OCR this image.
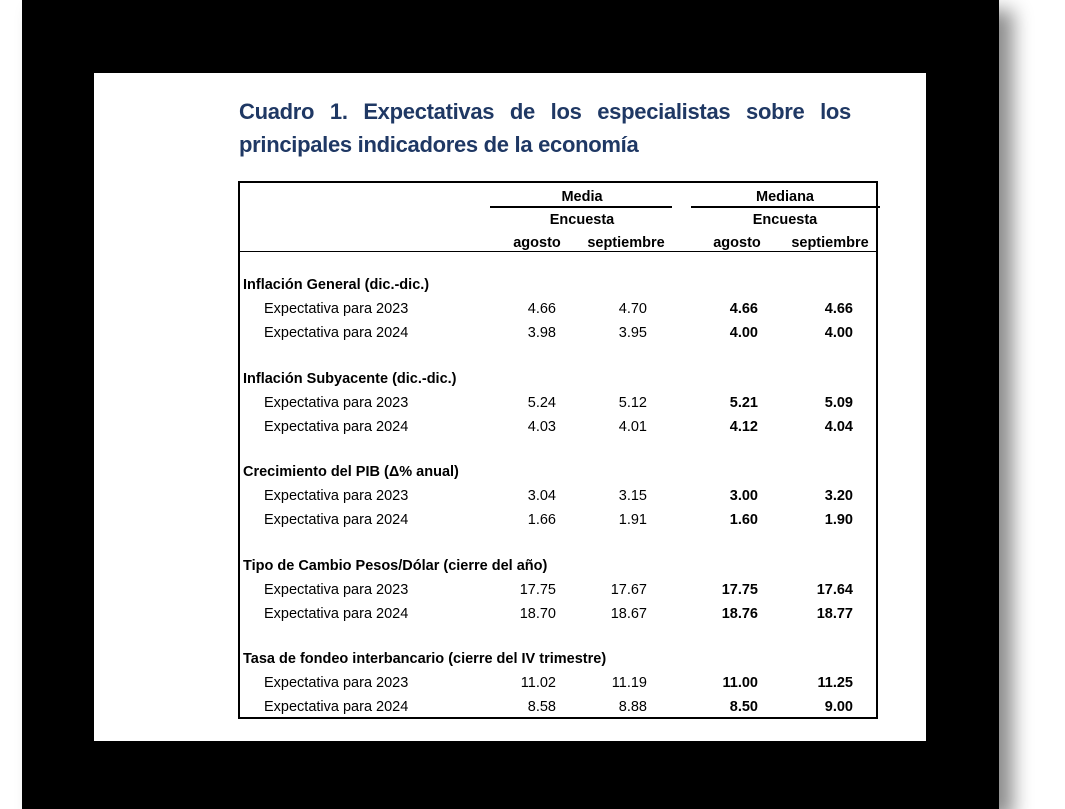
Cuadro 1. Expectativas de los especialistas sobre los
principales indicadores de la economía
Media	Mediana
Encuesta	Encuesta
agosto	septiembre	agosto	septiembre
Inflación General (dic.-dic.)
Expectativa para 2023	4.66	4.70	4.66	4.66
Expectativa para 2024	3.98	3.95	4.00	4.00
Inflación Subyacente (dic.-dic.)
Expectativa para 2023	5.24	5.12	5.21	5.09
Expectativa para 2024	4.03	4.01	4.12	4.04
Crecimiento del PIB (Δ% anual)
Expectativa para 2023	3.04	3.15	3.00	3.20
Expectativa para 2024	1.66	1.91	1.60	1.90
Tipo de Cambio Pesos/Dólar (cierre del año)
Expectativa para 2023	17.75	17.67	17.75	17.64
Expectativa para 2024	18.70	18.67	18.76	18.77
Tasa de fondeo interbancario (cierre del IV trimestre)
Expectativa para 2023	11.02	11.19	11.00	11.25
Expectativa para 2024	8.58	8.88	8.50	9.00
